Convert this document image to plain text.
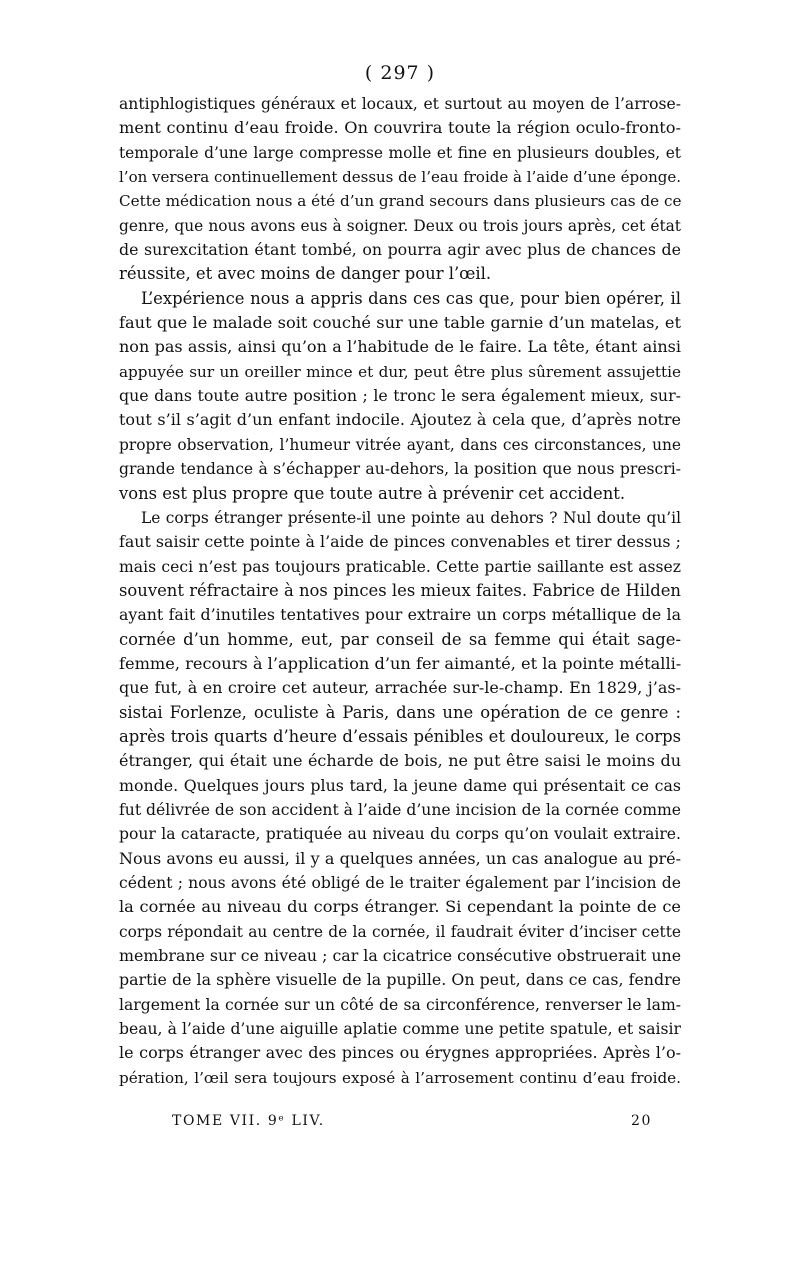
( 297 )
antiphlogistiques généraux et locaux, et surtout au moyen de l’arrose-
ment continu d’eau froide. On couvrira toute la région oculo-fronto-
temporale d’une large compresse molle et fine en plusieurs doubles, et
l’on versera continuellement dessus de l’eau froide à l’aide d’une éponge.
Cette médication nous a été d’un grand secours dans plusieurs cas de ce
genre, que nous avons eus à soigner. Deux ou trois jours après, cet état
de surexcitation étant tombé, on pourra agir avec plus de chances de
réussite, et avec moins de danger pour l’œil.
L’expérience nous a appris dans ces cas que, pour bien opérer, il
faut que le malade soit couché sur une table garnie d’un matelas, et
non pas assis, ainsi qu’on a l’habitude de le faire. La tête, étant ainsi
appuyée sur un oreiller mince et dur, peut être plus sûrement assujettie
que dans toute autre position ; le tronc le sera également mieux, sur-
tout s’il s’agit d’un enfant indocile. Ajoutez à cela que, d’après notre
propre observation, l’humeur vitrée ayant, dans ces circonstances, une
grande tendance à s’échapper au-dehors, la position que nous prescri-
vons est plus propre que toute autre à prévenir cet accident.
Le corps étranger présente-il une pointe au dehors ? Nul doute qu’il
faut saisir cette pointe à l’aide de pinces convenables et tirer dessus ;
mais ceci n’est pas toujours praticable. Cette partie saillante est assez
souvent réfractaire à nos pinces les mieux faites. Fabrice de Hilden
ayant fait d’inutiles tentatives pour extraire un corps métallique de la
cornée d’un homme, eut, par conseil de sa femme qui était sage-
femme, recours à l’application d’un fer aimanté, et la pointe métalli-
que fut, à en croire cet auteur, arrachée sur-le-champ. En 1829, j’as-
sistai Forlenze, oculiste à Paris, dans une opération de ce genre :
après trois quarts d’heure d’essais pénibles et douloureux, le corps
étranger, qui était une écharde de bois, ne put être saisi le moins du
monde. Quelques jours plus tard, la jeune dame qui présentait ce cas
fut délivrée de son accident à l’aide d’une incision de la cornée comme
pour la cataracte, pratiquée au niveau du corps qu’on voulait extraire.
Nous avons eu aussi, il y a quelques années, un cas analogue au pré-
cédent ; nous avons été obligé de le traiter également par l’incision de
la cornée au niveau du corps étranger. Si cependant la pointe de ce
corps répondait au centre de la cornée, il faudrait éviter d’inciser cette
membrane sur ce niveau ; car la cicatrice consécutive obstruerait une
partie de la sphère visuelle de la pupille. On peut, dans ce cas, fendre
largement la cornée sur un côté de sa circonférence, renverser le lam-
beau, à l’aide d’une aiguille aplatie comme une petite spatule, et saisir
le corps étranger avec des pinces ou érygnes appropriées. Après l’o-
pération, l’œil sera toujours exposé à l’arrosement continu d’eau froide.
TOME VII. 9ᵉ LIV.	20
